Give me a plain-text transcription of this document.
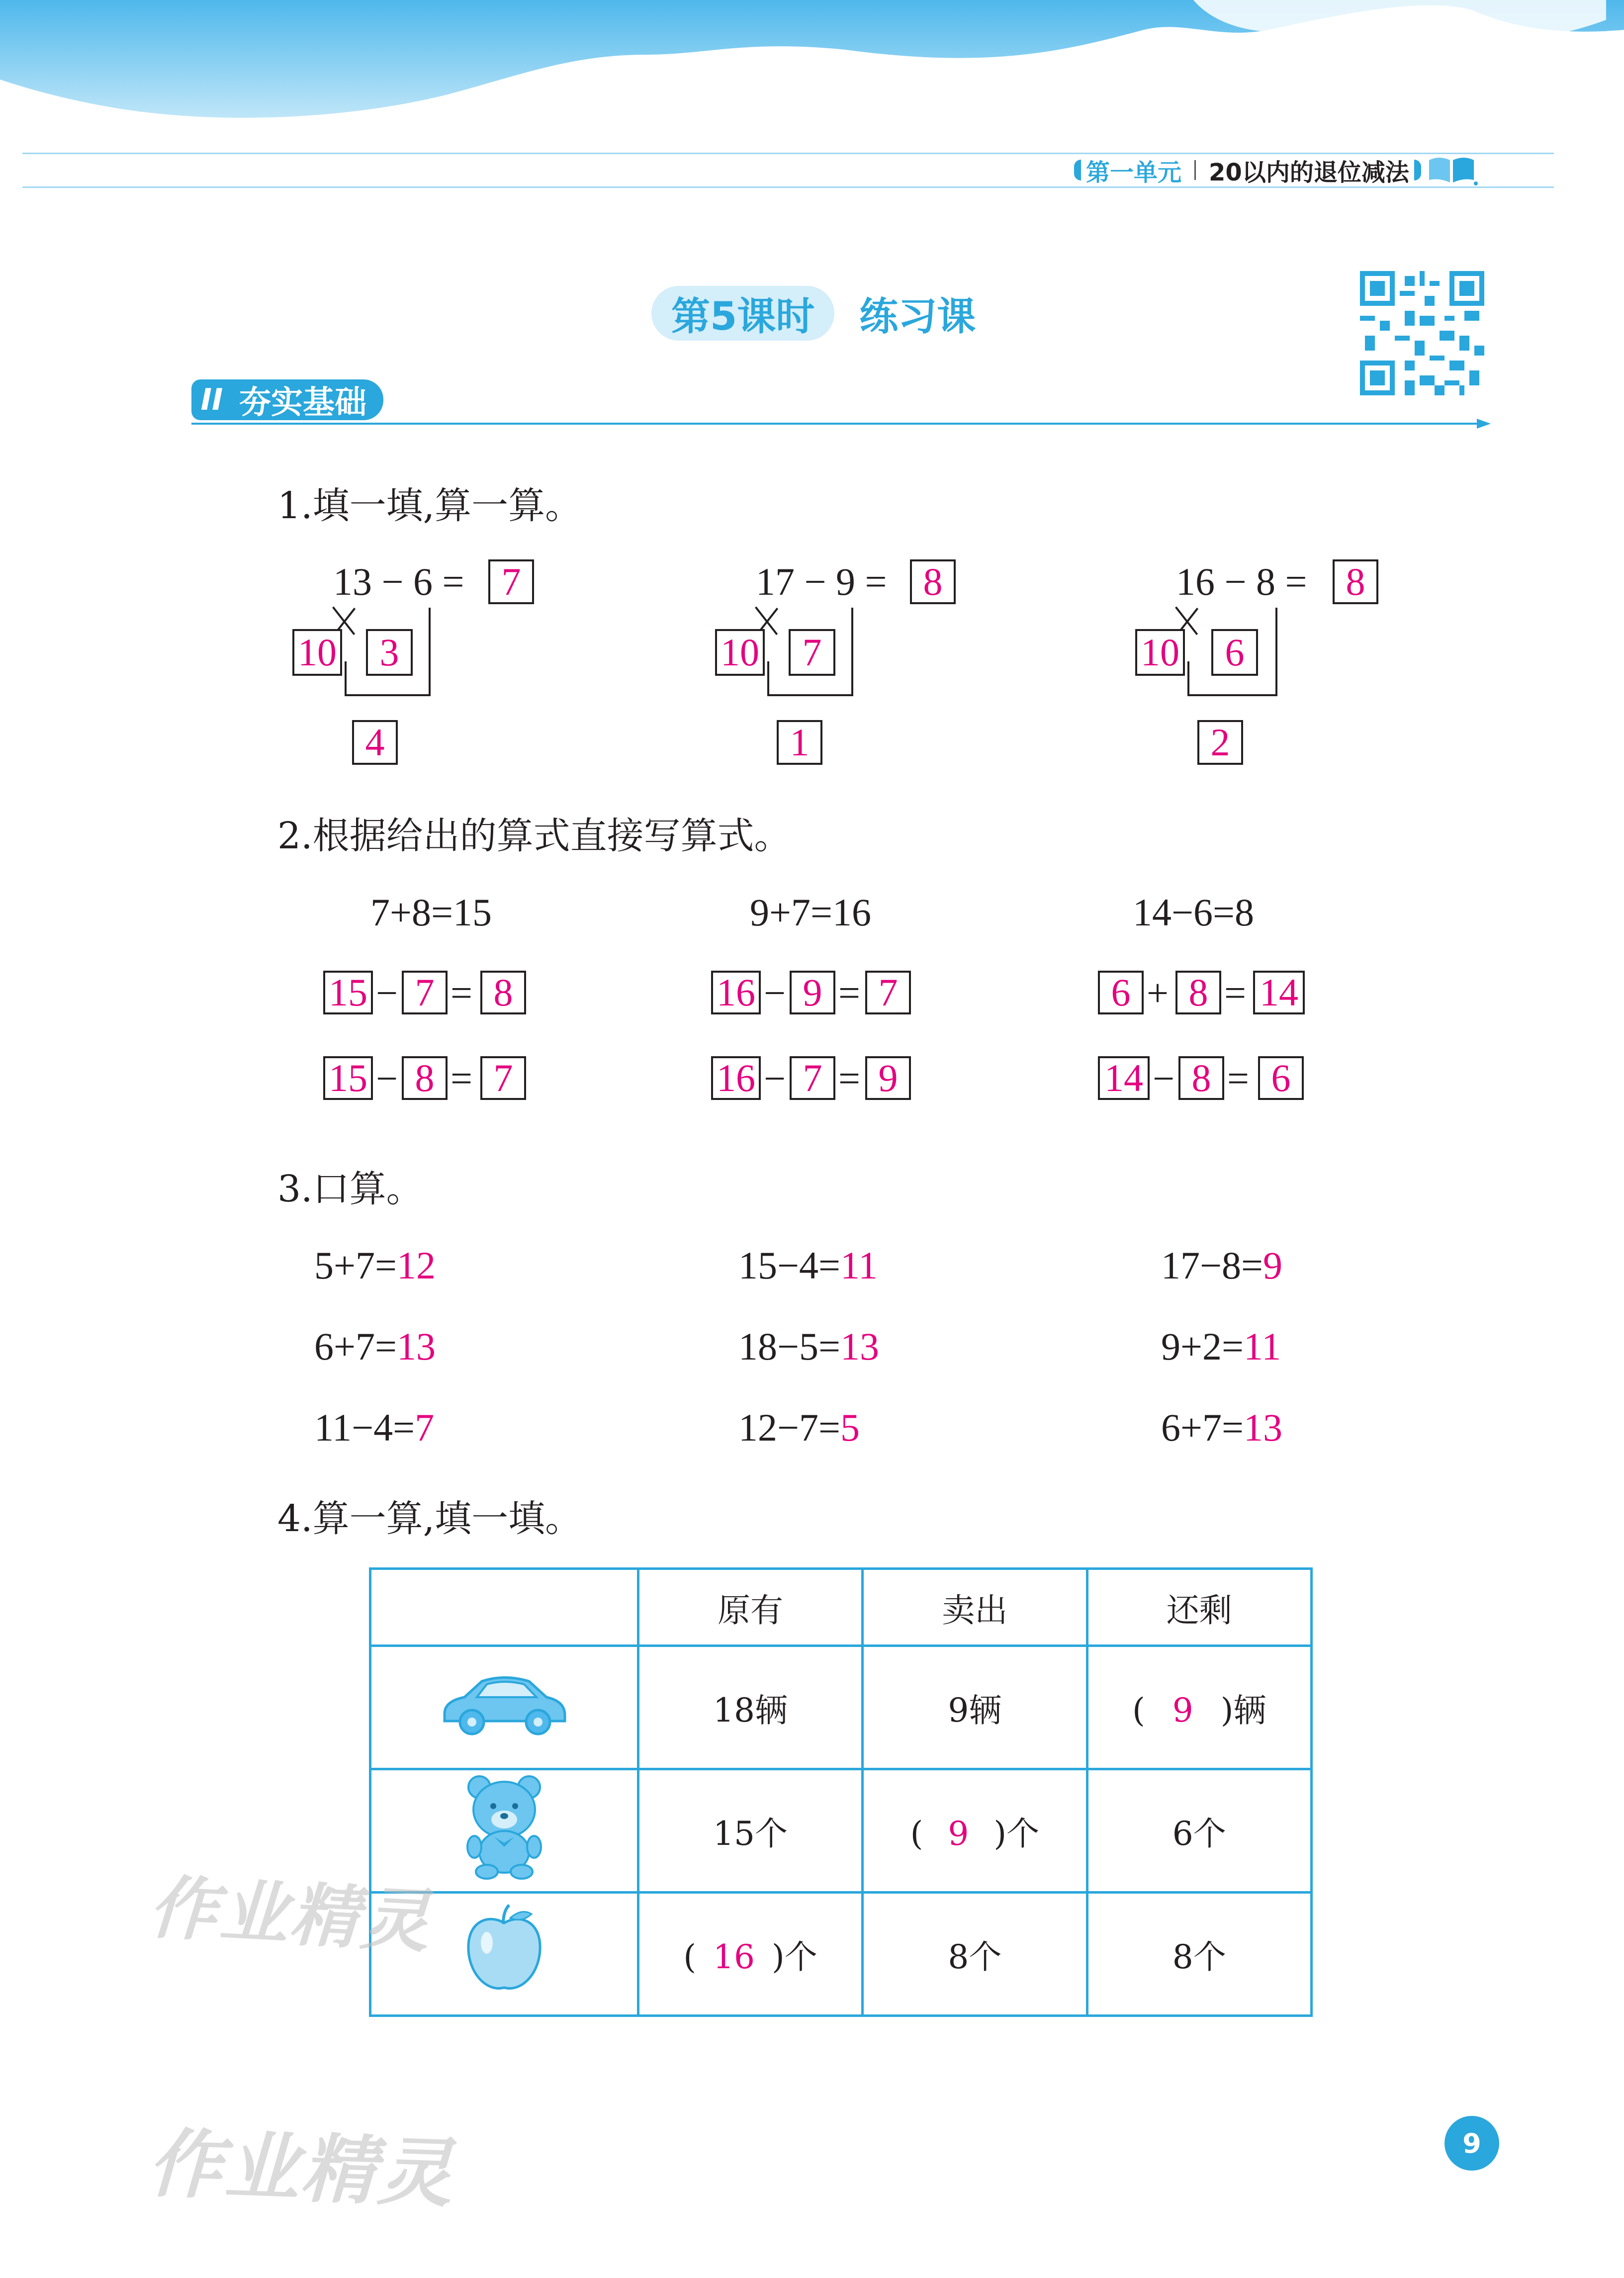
第一单元 20以内的退位减法
第5课时 练习课
II 夯实基础
1.填一填,算一算。
13 − 6 = 7
10	3
4
17 − 9 = 8
10	7
1
16 − 8 =	8
10	6
2
2.根据给出的算式直接写算式。
7+8=15
15 − 7 = 8
15 − 8 = 7
9+7=16
16 − 9 = 7
16 − 7 = 9
14−6=8
6 + 8 = 14
14 − 8 = 6
3.口算。
5+7=12	15−4=11	17−8=9
6+7=13	18−5=13	9+2=11
11−4=7	12−7=5	6+7=13
4.算一算,填一填。
	原有	卖出	还剩
	18辆	9辆	( 9 )辆
	15个	( 9 )个	6个
	( 16 )个	8个	8个
作业精灵
作业精灵	9
